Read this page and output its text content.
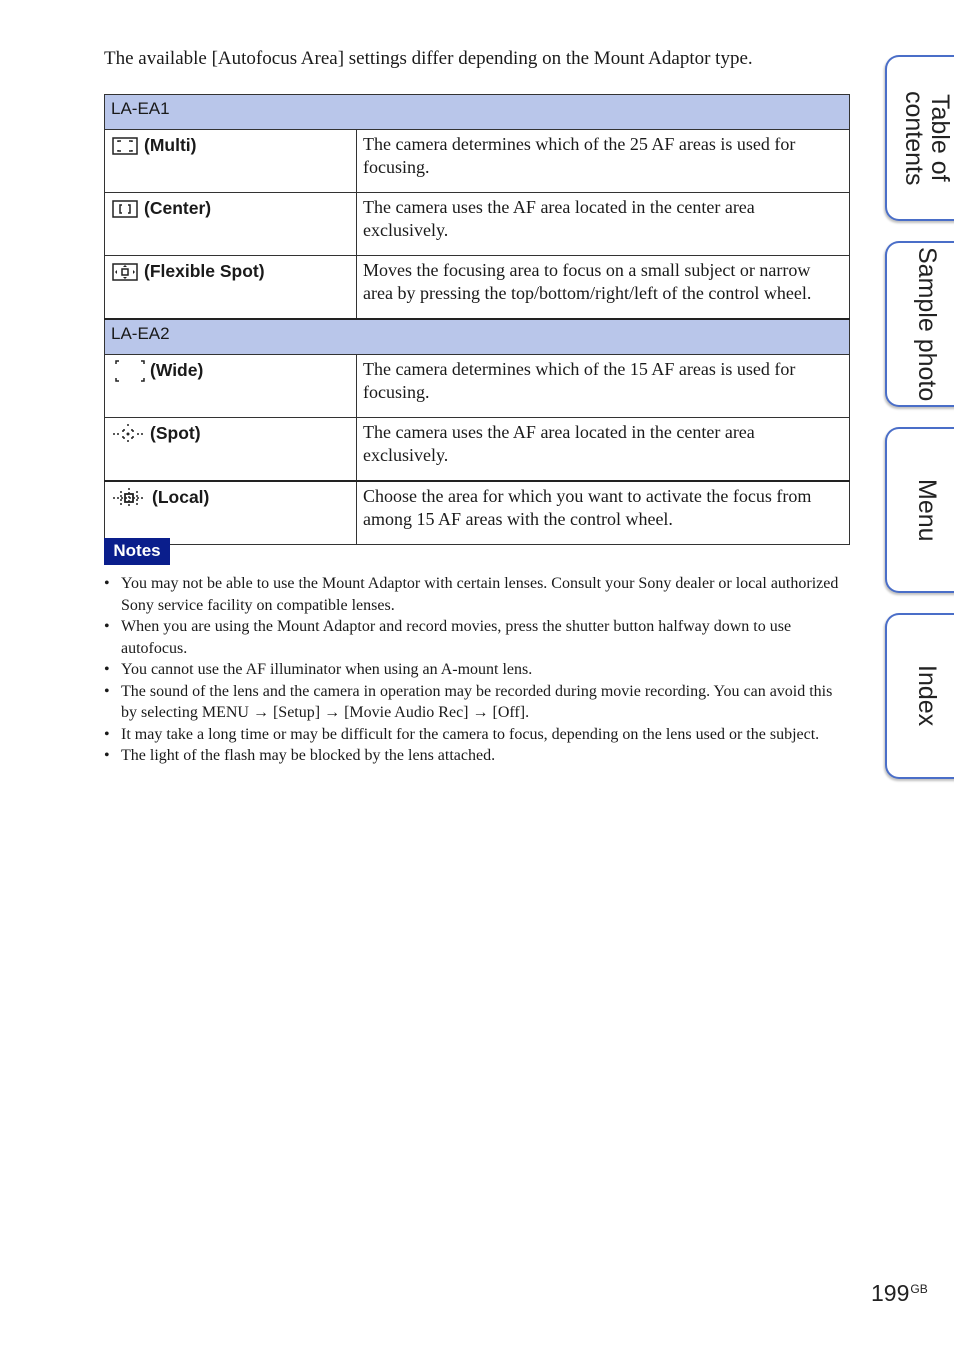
The available [Autofocus Area] settings differ depending on the Mount Adaptor type.

LA-EA1	
(Multi)	The camera determines which of the 25 AF areas is used for focusing.
(Center)	The camera uses the AF area located in the center area exclusively.
(Flexible Spot)	Moves the focusing area to focus on a small subject or narrow area by pressing the top/bottom/right/left of the control wheel.
LA-EA2	
(Wide)	The camera determines which of the 15 AF areas is used for focusing.
(Spot)	The camera uses the AF area located in the center area exclusively.
(Local)	Choose the area for which you want to activate the focus from among 15 AF areas with the control wheel.
Notes
• You may not be able to use the Mount Adaptor with certain lenses. Consult your Sony dealer or local authorized Sony service facility on compatible lenses.
• When you are using the Mount Adaptor and record movies, press the shutter button halfway down to use autofocus.
• You cannot use the AF illuminator when using an A-mount lens.
• The sound of the lens and the camera in operation may be recorded during movie recording. You can avoid this by selecting MENU → [Setup] → [Movie Audio Rec] → [Off].
• It may take a long time or may be difficult for the camera to focus, depending on the lens used or the subject.
• The light of the flash may be blocked by the lens attached.
Table of
contents
Sample photo
Menu
Index
$199^{GB}$
